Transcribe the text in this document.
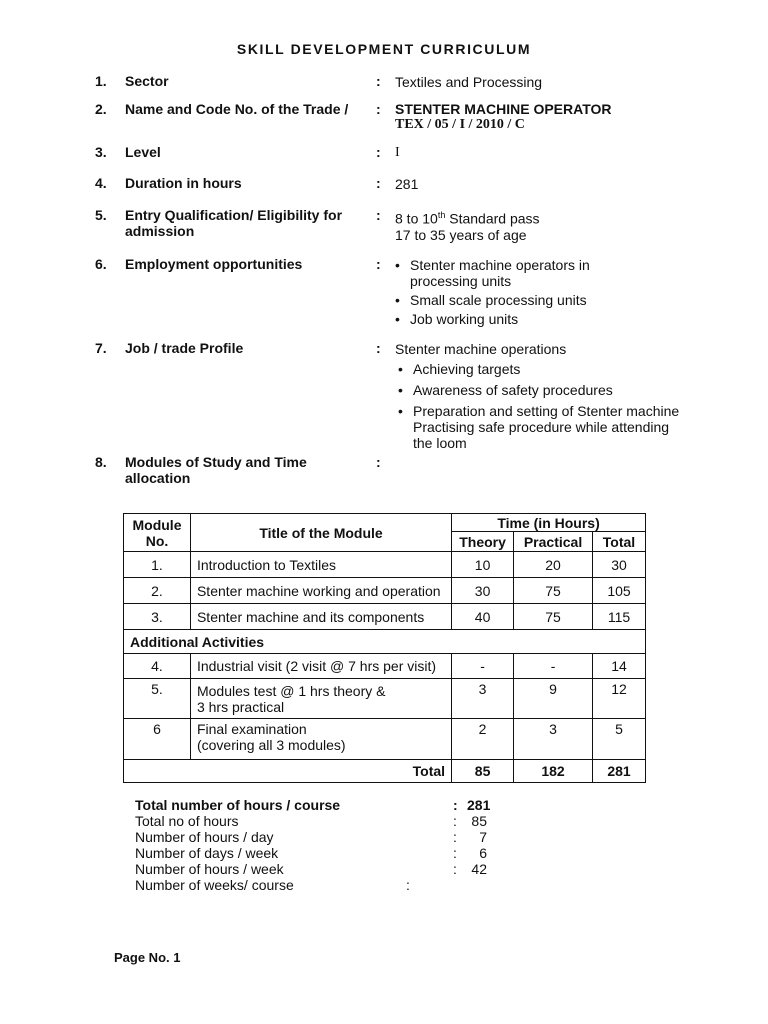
SKILL DEVELOPMENT CURRICULUM
1. Sector	: Textiles and Processing
2. Name and Code No. of the Trade / : STENTER MACHINE OPERATOR
TEX / 05 / I / 2010 / C
3. Level	: I
4. Duration in hours	: 281
5. Entry Qualification/ Eligibility for
admission
: 8 to 10th Standard pass
17 to 35 years of age
6. Employment opportunities	:	• Stenter machine operators in processing units
• Small scale processing units
• Job working units
7. Job / trade Profile	: Stenter machine operations
• Achieving targets
• Awareness of safety procedures
• Preparation and setting of Stenter machine Practising safe procedure while attending the loom
8. Modules of Study and Time
allocation
:
Module No.	Title of the Module	Time (in Hours)		
		Theory	Practical	Total
1.	Introduction to Textiles	10	20	30
2.	Stenter machine working and operation	30	75	105
3.	Stenter machine and its components	40	75	115
Additional Activities				
4.	Industrial visit (2 visit @ 7 hrs per visit)	-	-	14
5.	Modules test @ 1 hrs theory &
3 hrs practical	3	9	12
6	Final examination
(covering all 3 modules)	2	3	5
Total		85	182	281
Total number of hours / course	: 281
Total no of hours	:	85
Number of hours / day	:	7
Number of days / week	:	6
Number of hours / week	:	42
Number of weeks/ course	:
Page No. 1
